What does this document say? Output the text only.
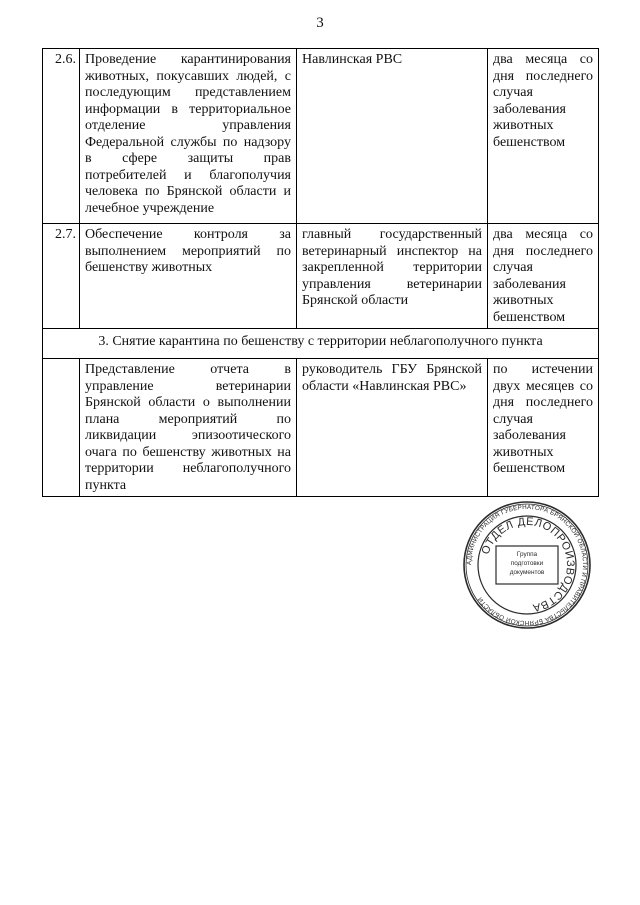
3
2.6.	Проведение карантинирования животных, покусавших людей, с последующим представлением информации в территориальное отделение управления Федеральной службы по надзору в сфере защиты прав потребителей и благополучия человека по Брянской области и лечебное учреждение	Навлинская РВС	два месяца со дня последнего случая заболевания животных бешенством
2.7.	Обеспечение контроля за выполнением мероприятий по бешенству животных	главный государственный ветеринарный инспектор на закрепленной территории управления ветеринарии Брянской области	два месяца со дня последнего случая заболевания животных бешенством
3. Снятие карантина по бешенству с территории неблагополучного пункта			
	Представление отчета в управление ветеринарии Брянской области о выполнении плана мероприятий по ликвидации эпизоотического очага по бешенству животных на территории неблагополучного пункта	руководитель ГБУ Брянской области «Навлинская РВС»	по истечении двух месяцев со дня последнего случая заболевания животных бешенством
АДМИНИСТРАЦИЯ ГУБЕРНАТОРА БРЯНСКОЙ ОБЛАСТИ И ПРАВИТЕЛЬСТВА БРЯНСКОЙ ОБЛАСТИ
ОТДЕЛ ДЕЛОПРОИЗВОДСТВА
Группа подготовки документов
